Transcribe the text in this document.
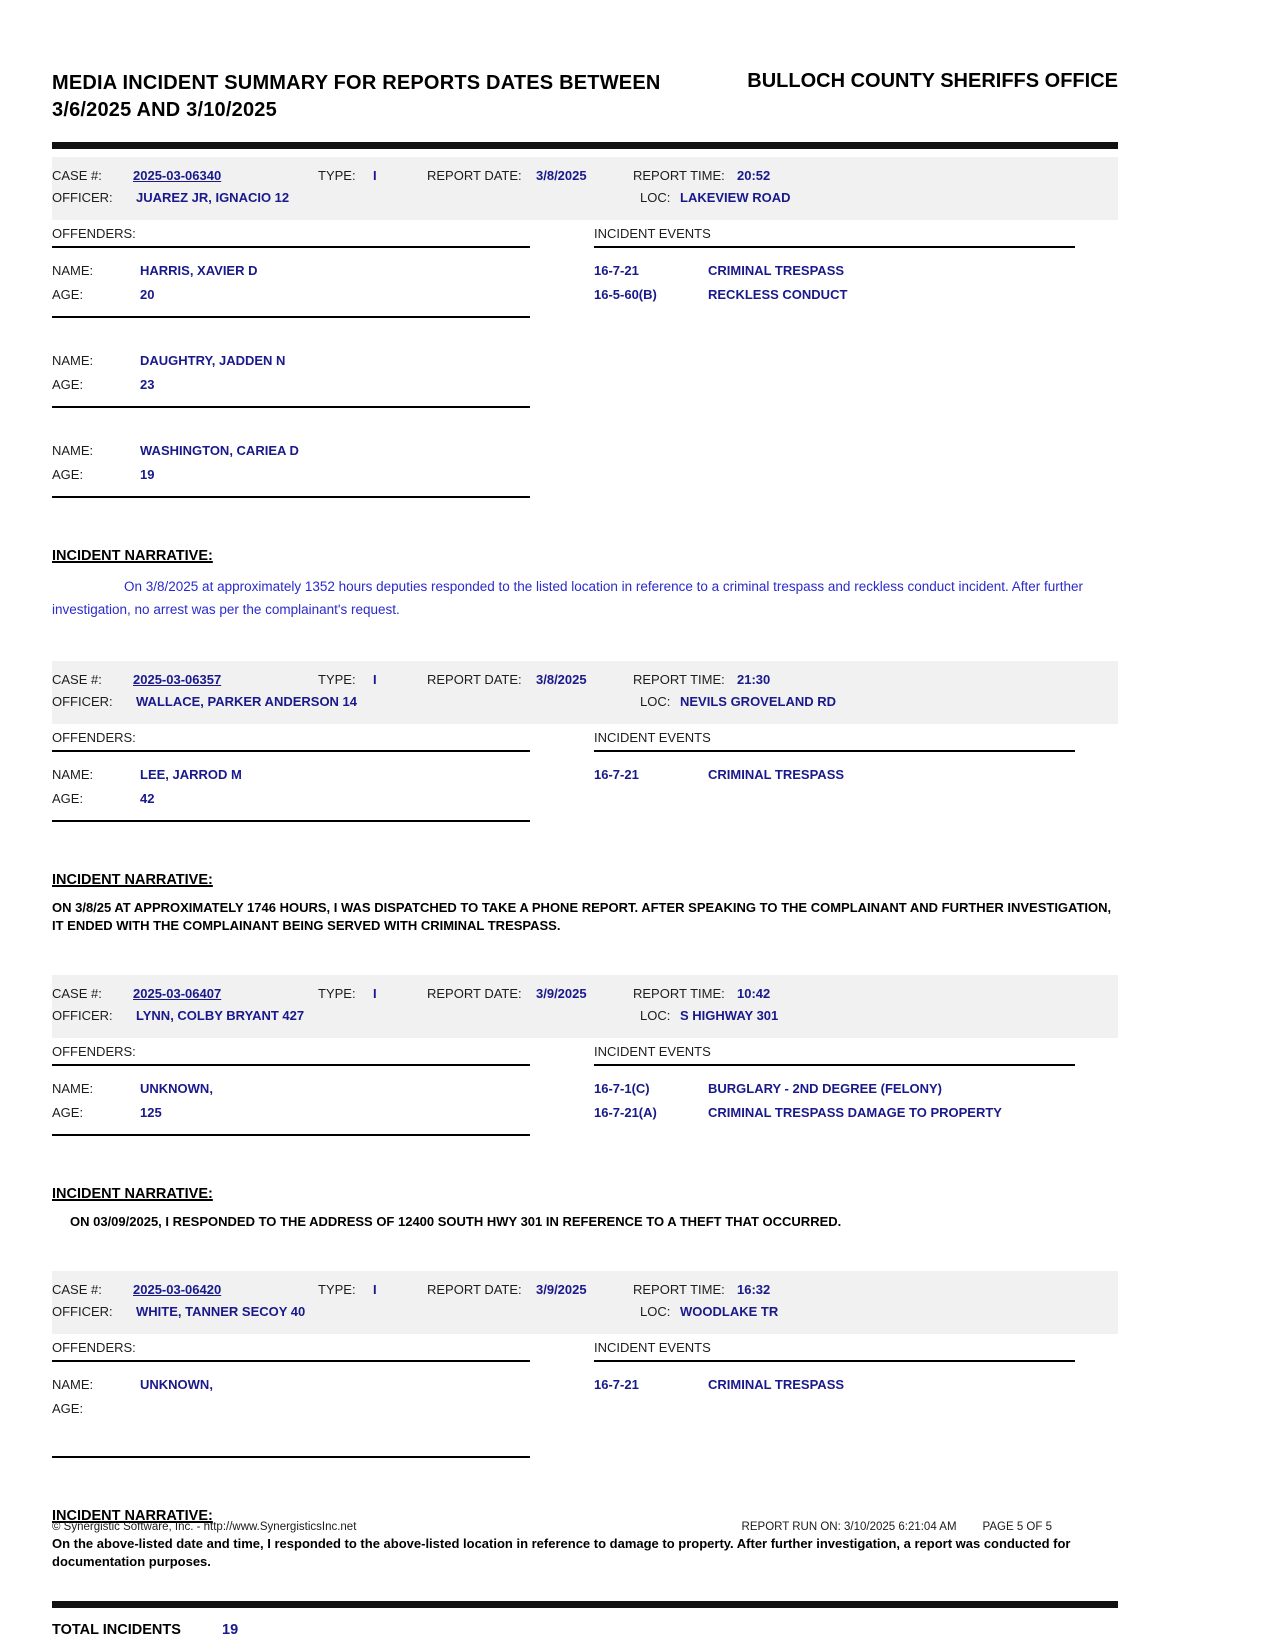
MEDIA INCIDENT SUMMARY FOR REPORTS DATES BETWEEN 3/6/2025 AND 3/10/2025
BULLOCH COUNTY SHERIFFS OFFICE
CASE #: 2025-03-06340	TYPE: I	REPORT DATE: 3/8/2025	REPORT TIME: 20:52
OFFICER: JUAREZ JR, IGNACIO 12	LOC: LAKEVIEW ROAD
OFFENDERS:
NAME:	HARRIS, XAVIER D
AGE:	20
NAME:	DAUGHTRY, JADDEN N
AGE:	23
NAME:	WASHINGTON, CARIEA D
AGE:	19
INCIDENT EVENTS
16-7-21	CRIMINAL TRESPASS
16-5-60(B)	RECKLESS CONDUCT
INCIDENT NARRATIVE:

On 3/8/2025 at approximately 1352 hours deputies responded to the listed location in reference to a criminal trespass and reckless conduct incident. After further investigation, no arrest was per the complainant's request.

CASE #: 2025-03-06357	TYPE: I	REPORT DATE: 3/8/2025	REPORT TIME: 21:30
OFFICER: WALLACE, PARKER ANDERSON 14	LOC: NEVILS GROVELAND RD
OFFENDERS:
NAME:	LEE, JARROD M
AGE:	42
INCIDENT EVENTS
16-7-21	CRIMINAL TRESPASS
INCIDENT NARRATIVE:

ON 3/8/25 AT APPROXIMATELY 1746 HOURS, I WAS DISPATCHED TO TAKE A PHONE REPORT. AFTER SPEAKING TO THE COMPLAINANT AND FURTHER INVESTIGATION, IT ENDED WITH THE COMPLAINANT BEING SERVED WITH CRIMINAL TRESPASS.

CASE #: 2025-03-06407	TYPE: I	REPORT DATE: 3/9/2025	REPORT TIME: 10:42
OFFICER: LYNN, COLBY BRYANT 427	LOC: S HIGHWAY 301
OFFENDERS:
NAME:	UNKNOWN,
AGE:	125
INCIDENT EVENTS
16-7-1(C)	BURGLARY - 2ND DEGREE (FELONY)
16-7-21(A)	CRIMINAL TRESPASS DAMAGE TO PROPERTY
INCIDENT NARRATIVE:

ON 03/09/2025, I RESPONDED TO THE ADDRESS OF 12400 SOUTH HWY 301 IN REFERENCE TO A THEFT THAT OCCURRED.

CASE #: 2025-03-06420	TYPE: I	REPORT DATE: 3/9/2025	REPORT TIME: 16:32
OFFICER: WHITE, TANNER SECOY 40	LOC: WOODLAKE TR
OFFENDERS:
NAME:	UNKNOWN,
AGE:
INCIDENT EVENTS
16-7-21	CRIMINAL TRESPASS
INCIDENT NARRATIVE:

On the above-listed date and time, I responded to the above-listed location in reference to damage to property. After further investigation, a report was conducted for documentation purposes.

TOTAL INCIDENTS	19
© Synergistic Software, Inc. - http://www.SynergisticsInc.net	REPORT RUN ON: 3/10/2025 6:21:04 AM PAGE 5 OF 5
